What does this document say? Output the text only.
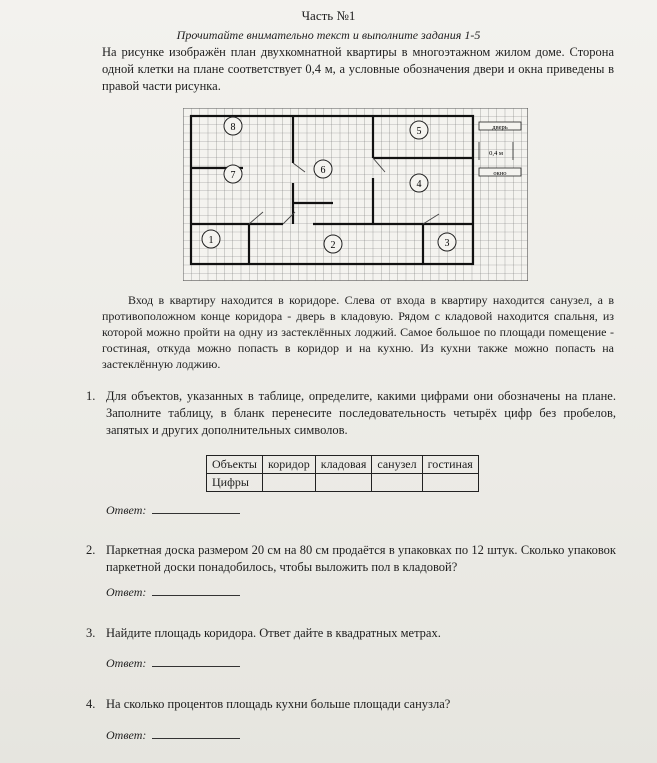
Часть №1
Прочитайте внимательно текст и выполните задания 1-5
На рисунке изображён план двухкомнатной квартиры в многоэтажном жилом доме. Сторона одной клетки на плане соответствует 0,4 м, а условные обозначения двери и окна приведены в правой части рисунка.
дверь
0,4 м
окно
1	2	3
4
5
6
7
8
Вход в квартиру находится в коридоре. Слева от входа в квартиру находится санузел, а в противоположном конце коридора - дверь в кладовую. Рядом с кладовой находится спальня, из которой можно пройти на одну из застеклённых лоджий. Самое большое по площади помещение - гостиная, откуда можно попасть в коридор и на кухню. Из кухни также можно попасть на застеклённую лоджию.
1. Для объектов, указанных в таблице, определите, какими цифрами они обозначены на плане. Заполните таблицу, в бланк перенесите последовательность четырёх цифр без пробелов, запятых и других дополнительных символов.
Объекты	коридор	кладовая	санузел	гостиная
Цифры				
Ответ:
2. Паркетная доска размером 20 см на 80 см продаётся в упаковках по 12 штук. Сколько упаковок паркетной доски понадобилось, чтобы выложить пол в кладовой?
Ответ:
3. Найдите площадь коридора. Ответ дайте в квадратных метрах.
Ответ:
4. На сколько процентов площадь кухни больше площади санузла?
Ответ:
